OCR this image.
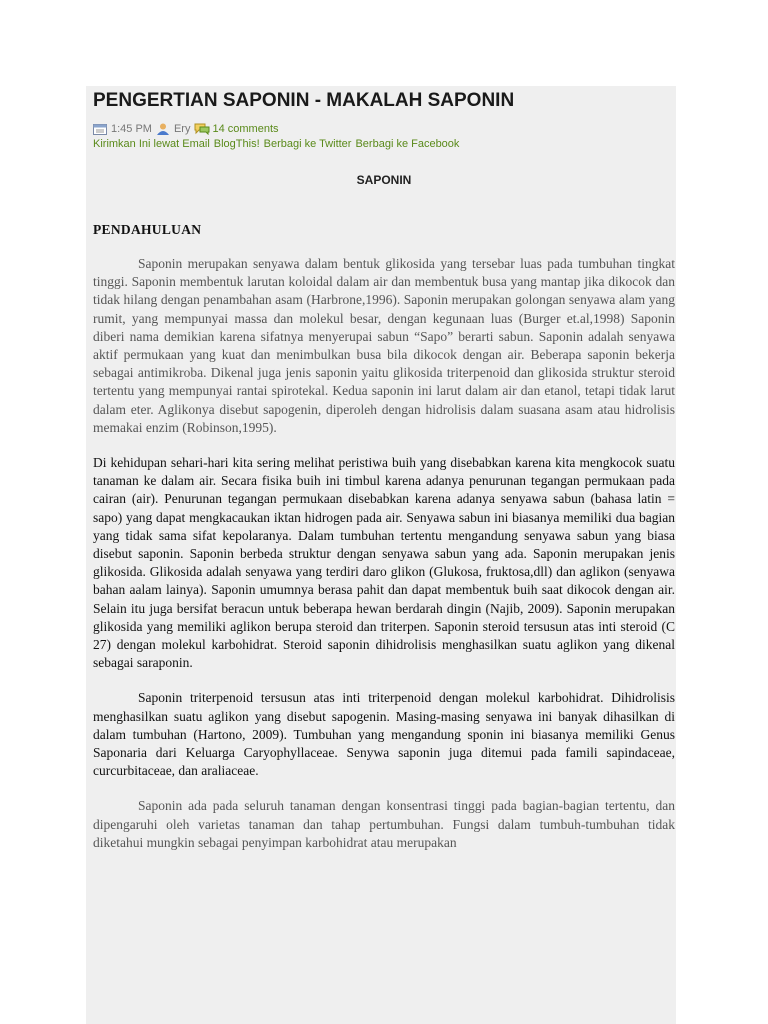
PENGERTIAN SAPONIN - MAKALAH SAPONIN
1:45 PM Ery 14 comments
Kirimkan Ini lewat Email BlogThis! Berbagi ke Twitter Berbagi ke Facebook
SAPONIN
PENDAHULUAN

Saponin merupakan senyawa dalam bentuk glikosida yang tersebar luas pada tumbuhan tingkat tinggi. Saponin membentuk larutan koloidal dalam air dan membentuk busa yang mantap jika dikocok dan tidak hilang dengan penambahan asam (Harbrone,1996). Saponin merupakan golongan senyawa alam yang rumit, yang mempunyai massa dan molekul besar, dengan kegunaan luas (Burger et.al,1998) Saponin diberi nama demikian karena sifatnya menyerupai sabun “Sapo” berarti sabun. Saponin adalah senyawa aktif permukaan yang kuat dan menimbulkan busa bila dikocok dengan air. Beberapa saponin bekerja sebagai antimikroba. Dikenal juga jenis saponin yaitu glikosida triterpenoid dan glikosida struktur steroid tertentu yang mempunyai rantai spirotekal. Kedua saponin ini larut dalam air dan etanol, tetapi tidak larut dalam eter. Aglikonya disebut sapogenin, diperoleh dengan hidrolisis dalam suasana asam atau hidrolisis memakai enzim (Robinson,1995).

Di kehidupan sehari-hari kita sering melihat peristiwa buih yang disebabkan karena kita mengkocok suatu tanaman ke dalam air. Secara fisika buih ini timbul karena adanya penurunan tegangan permukaan pada cairan (air). Penurunan tegangan permukaan disebabkan karena adanya senyawa sabun (bahasa latin = sapo) yang dapat mengkacaukan iktan hidrogen pada air. Senyawa sabun ini biasanya memiliki dua bagian yang tidak sama sifat kepolaranya. Dalam tumbuhan tertentu mengandung senyawa sabun yang biasa disebut saponin. Saponin berbeda struktur dengan senyawa sabun yang ada. Saponin merupakan jenis glikosida. Glikosida adalah senyawa yang terdiri daro glikon (Glukosa, fruktosa,dll) dan aglikon (senyawa bahan aalam lainya). Saponin umumnya berasa pahit dan dapat membentuk buih saat dikocok dengan air. Selain itu juga bersifat beracun untuk beberapa hewan berdarah dingin (Najib, 2009). Saponin merupakan glikosida yang memiliki aglikon berupa steroid dan triterpen. Saponin steroid tersusun atas inti steroid (C 27) dengan molekul karbohidrat. Steroid saponin dihidrolisis menghasilkan suatu aglikon yang dikenal sebagai saraponin.

Saponin triterpenoid tersusun atas inti triterpenoid dengan molekul karbohidrat. Dihidrolisis menghasilkan suatu aglikon yang disebut sapogenin. Masing-masing senyawa ini banyak dihasilkan di dalam tumbuhan (Hartono, 2009). Tumbuhan yang mengandung sponin ini biasanya memiliki Genus Saponaria dari Keluarga Caryophyllaceae. Senywa saponin juga ditemui pada famili sapindaceae, curcurbitaceae, dan araliaceae.

Saponin ada pada seluruh tanaman dengan konsentrasi tinggi pada bagian-bagian tertentu, dan dipengaruhi oleh varietas tanaman dan tahap pertumbuhan. Fungsi dalam tumbuh-tumbuhan tidak diketahui mungkin sebagai penyimpan karbohidrat atau merupakan
